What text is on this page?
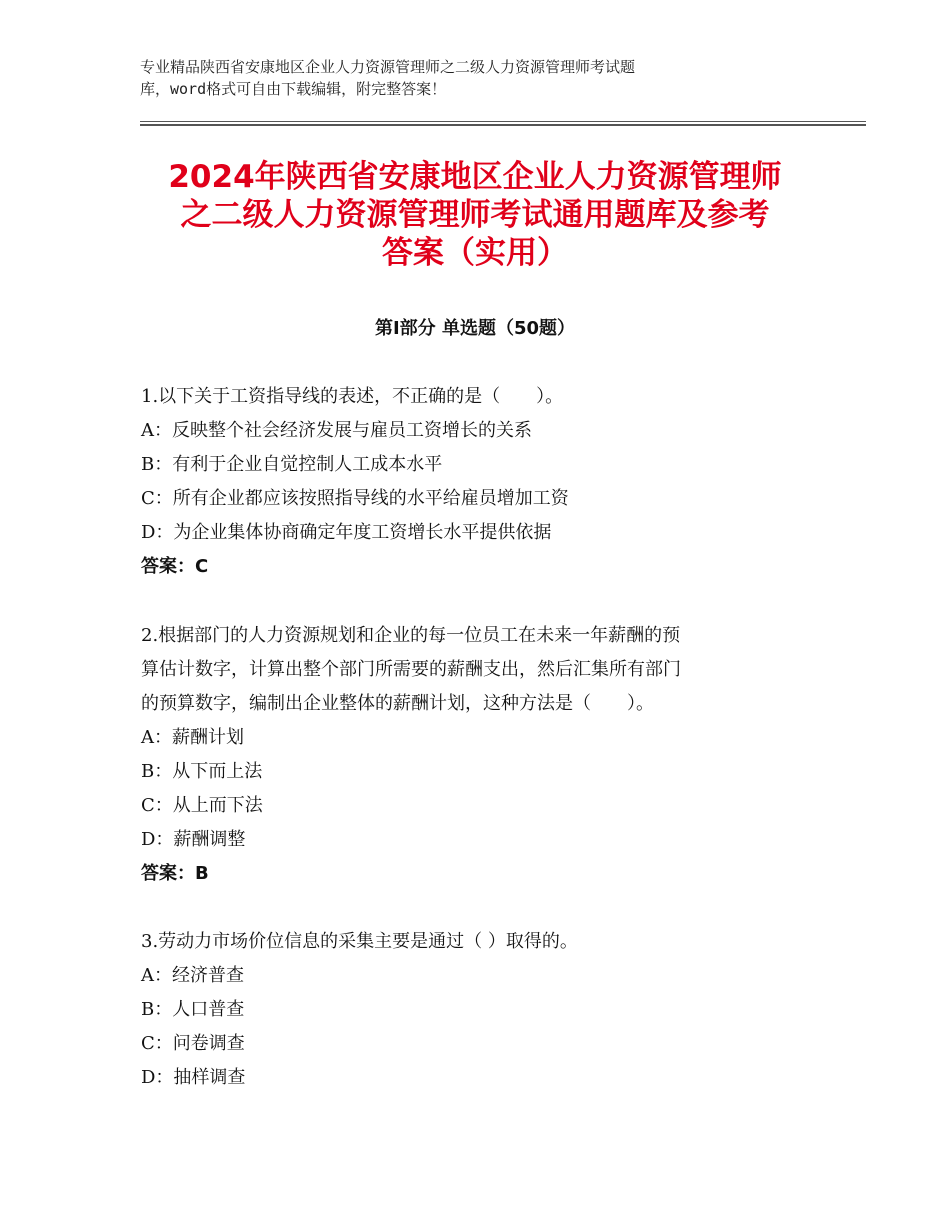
专业精品陕西省安康地区企业人力资源管理师之二级人力资源管理师考试题
库，word格式可自由下载编辑，附完整答案！
2024年陕西省安康地区企业人力资源管理师
之二级人力资源管理师考试通用题库及参考
答案（实用）
第Ⅰ部分 单选题（50题）
1.以下关于工资指导线的表述，不正确的是（　　）。
A：反映整个社会经济发展与雇员工资增长的关系
B：有利于企业自觉控制人工成本水平
C：所有企业都应该按照指导线的水平给雇员增加工资
D：为企业集体协商确定年度工资增长水平提供依据
答案：C
2.根据部门的人力资源规划和企业的每一位员工在未来一年薪酬的预
算估计数字，计算出整个部门所需要的薪酬支出，然后汇集所有部门
的预算数字，编制出企业整体的薪酬计划，这种方法是（　　）。
A：薪酬计划
B：从下而上法
C：从上而下法
D：薪酬调整
答案：B
3.劳动力市场价位信息的采集主要是通过（ ）取得的。
A：经济普查
B：人口普查
C：问卷调查
D：抽样调查
